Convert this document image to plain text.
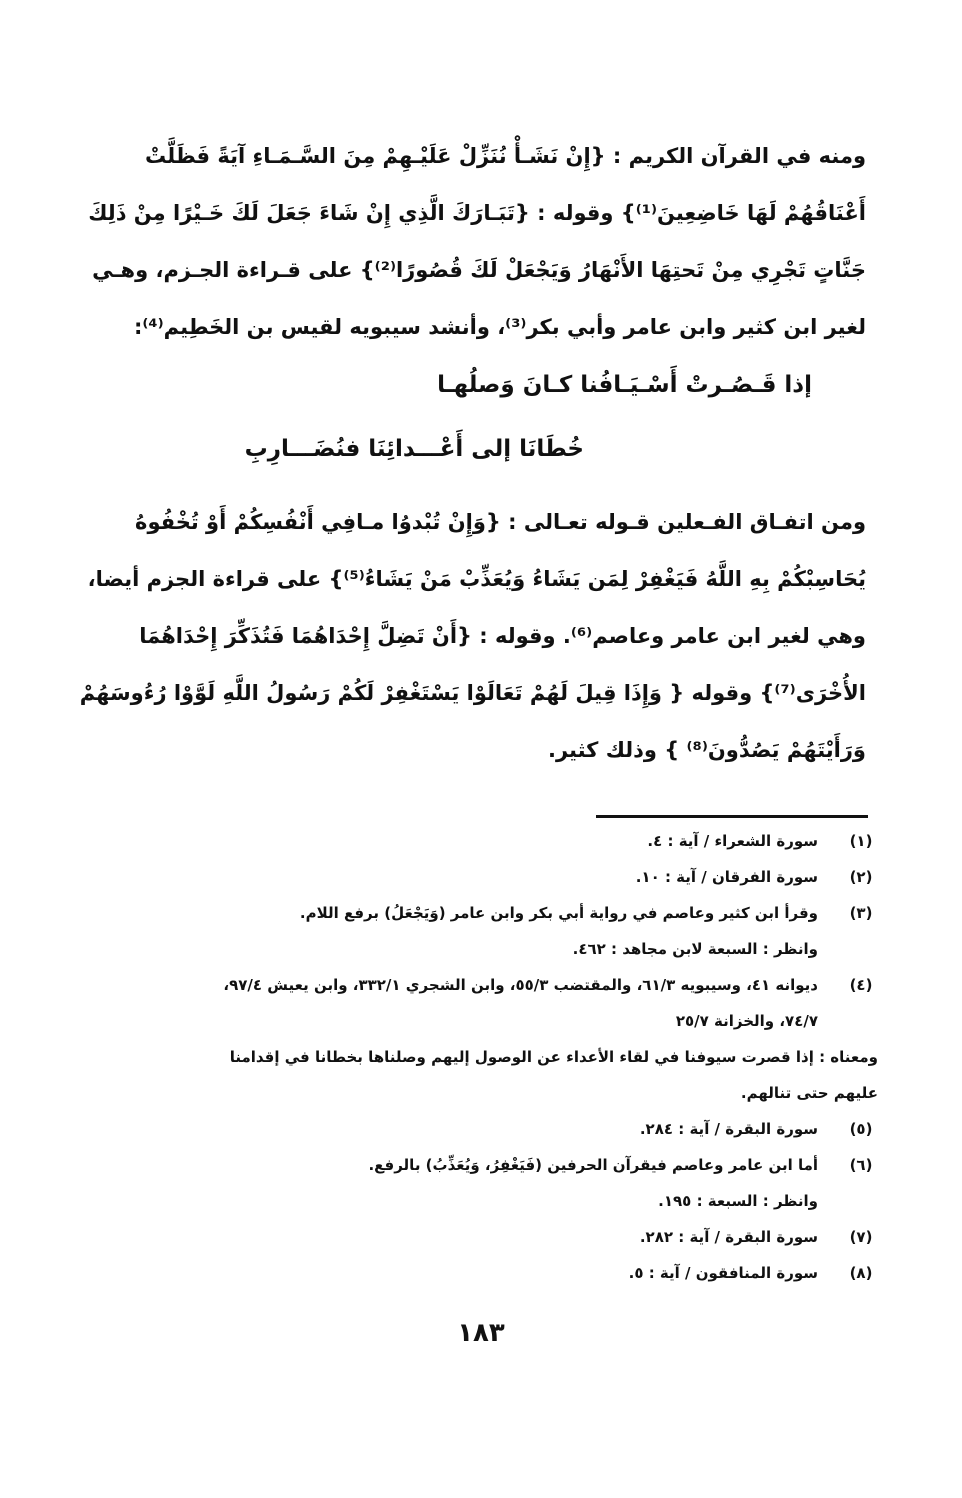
ومنه في القرآن الكريم : {إِنْ نَشَـأْ نُنَزِّلْ عَلَيْـهِمْ مِنَ السَّـمَـاءِ آيَةً فَظَلَّتْ
أَعْنَاقُهُمْ لَهَا خَاضِعِينَ⁽¹⁾} وقوله : {تَبَـارَكَ الَّذِي إِنْ شَاءَ جَعَلَ لَكَ خَـيْرًا مِنْ ذَلِكَ
جَنَّاتٍ تَجْرِي مِنْ تَحتِهَا الأَنْهَارُ وَيَجْعَلْ لَكَ قُصُورًا⁽²⁾} على قـراءة الجـزم، وهـي
لغير ابن كثير وابن عامر وأبي بكر⁽³⁾، وأنشد سيبويه لقيس بن الخَطِيم⁽⁴⁾:
إذا قَـصُـرتْ أَسْـيَـافُنا كـانَ وَصلُهـا
خُطَانَا إلى أَعْـــدائِنَا فنُضَـــارِبِ
ومن اتفـاق الفـعلين قـوله تعـالى : {وَإِنْ تُبْدوُا مـافِي أَنْفُسِكُمْ أَوْ تُخْفُوهُ
يُحَاسِبْكُمْ بِهِ اللَّهُ فَيَغْفِرْ لِمَن يَشَاءُ وَيُعَذِّبْ مَنْ يَشَاءُ⁽⁵⁾} على قراءة الجزم أيضا،
وهي لغير ابن عامر وعاصم⁽⁶⁾. وقوله : {أَنْ تَضِلَّ إِحْدَاهُمَا فَتُذَكِّرَ إِحْدَاهُمَا
الأُخْرَى⁽⁷⁾} وقوله { وَإِذَا قِيلَ لَهُمْ تَعَالَوْا يَسْتَغْفِرْ لَكُمْ رَسُولُ اللَّهِ لَوَّوْا رُءُوسَهُمْ
وَرَأَيْتَهُمْ يَصُدُّونَ⁽⁸⁾ } وذلك كثير.
(١)
سورة الشعراء / آية : ٤.
(٢)
سورة الفرقان / آية : ١٠.
(٣)
وقرأ ابن كثير وعاصم في رواية أبي بكر وابن عامر (وَيَجْعَلُ) برفع اللام.
وانظر : السبعة لابن مجاهد : ٤٦٢.
(٤)
ديوانه ٤١، وسيبويه ٦١/٣، والمقتضب ٥٥/٣، وابن الشجري ٣٣٢/١، وابن يعيش ٩٧/٤،
٧٤/٧، والخزانة ٢٥/٧
ومعناه : إذا قصرت سيوفنا في لقاء الأعداء عن الوصول إليهم وصلناها بخطانا في إقدامنا
عليهم حتى تنالهم.
(٥)
سورة البقرة / آية : ٢٨٤.
(٦)
أما ابن عامر وعاصم فيقرآن الحرفين (فَيَغْفِرُ، وَيُعَذِّبُ) بالرفع.
وانظر : السبعة : ١٩٥.
(٧)
سورة البقرة / آية : ٢٨٢.
(٨)
سورة المنافقون / آية : ٥.
١٨٣
